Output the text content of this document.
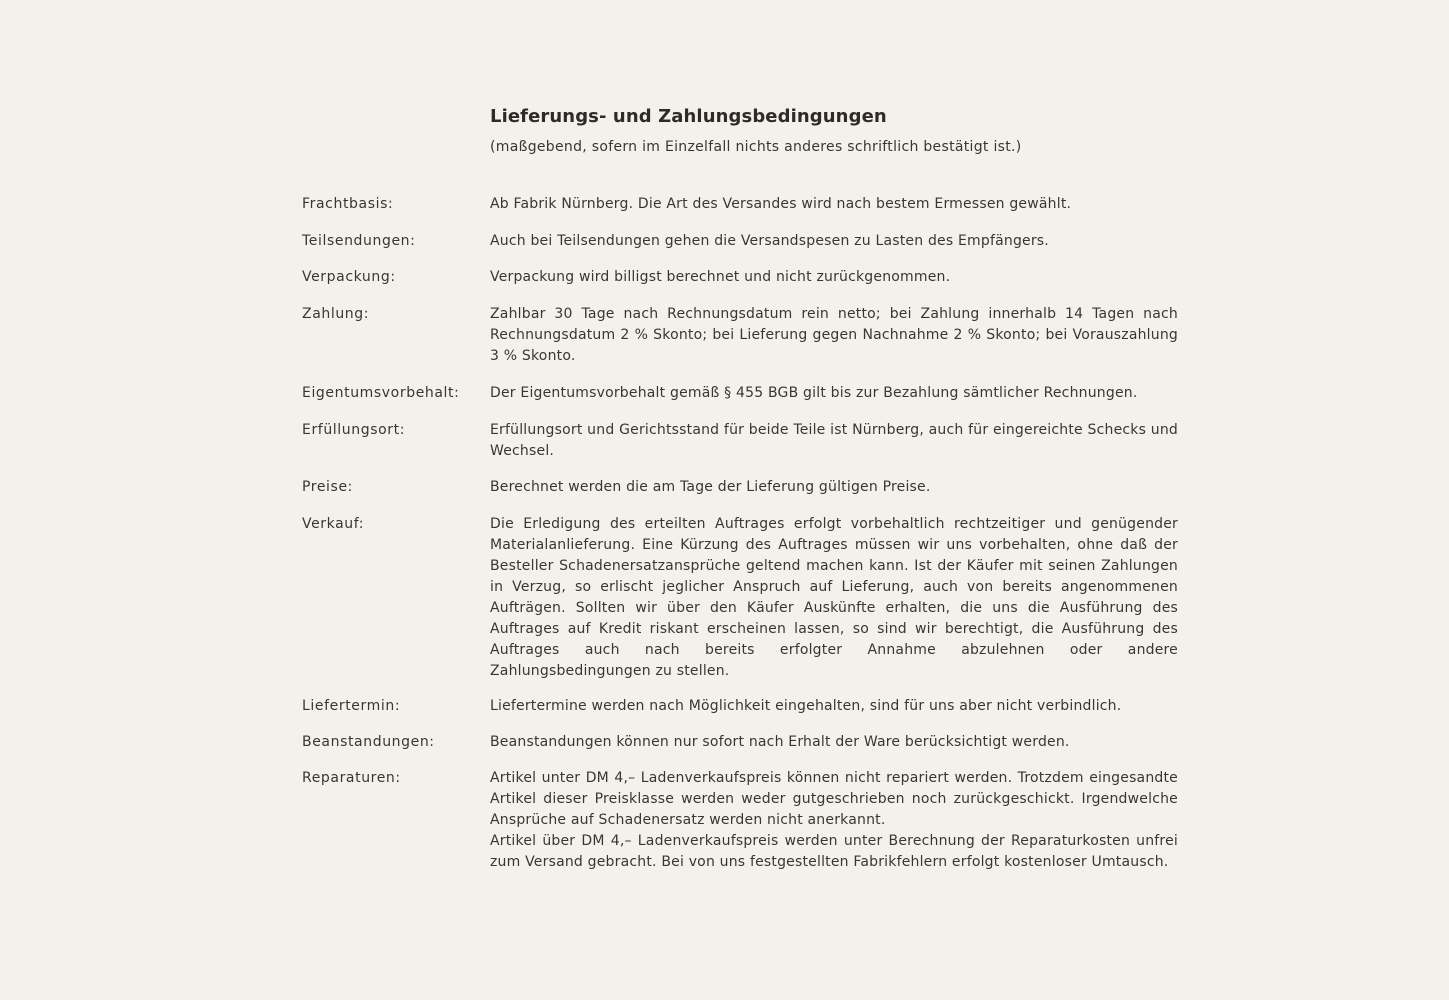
Lieferungs- und Zahlungsbedingungen
(maßgebend, sofern im Einzelfall nichts anderes schriftlich bestätigt ist.)
Frachtbasis:	Ab Fabrik Nürnberg. Die Art des Versandes wird nach bestem Ermessen gewählt.
Teilsendungen:	Auch bei Teilsendungen gehen die Versandspesen zu Lasten des Empfängers.
Verpackung:	Verpackung wird billigst berechnet und nicht zurückgenommen.
Zahlung:	Zahlbar 30 Tage nach Rechnungsdatum rein netto; bei Zahlung innerhalb 14 Tagen nach Rechnungsdatum 2 % Skonto; bei Lieferung gegen Nachnahme 2 % Skonto; bei Vorauszahlung 3 % Skonto.
Eigentumsvorbehalt: Der Eigentumsvorbehalt gemäß § 455 BGB gilt bis zur Bezahlung sämtlicher Rechnungen.
Erfüllungsort:	Erfüllungsort und Gerichtsstand für beide Teile ist Nürnberg, auch für eingereichte Schecks und Wechsel.
Preise:	Berechnet werden die am Tage der Lieferung gültigen Preise.
Verkauf:	Die Erledigung des erteilten Auftrages erfolgt vorbehaltlich rechtzeitiger und genügender Materialanlieferung. Eine Kürzung des Auftrages müssen wir uns vorbehalten, ohne daß der Besteller Schadenersatzansprüche geltend machen kann. Ist der Käufer mit seinen Zahlungen in Verzug, so erlischt jeglicher Anspruch auf Lieferung, auch von bereits angenommenen Aufträgen. Sollten wir über den Käufer Auskünfte erhalten, die uns die Ausführung des Auftrages auf Kredit riskant erscheinen lassen, so sind wir berechtigt, die Ausführung des Auftrages auch nach bereits erfolgter Annahme abzulehnen oder andere Zahlungsbedingungen zu stellen.
Liefertermin:	Liefertermine werden nach Möglichkeit eingehalten, sind für uns aber nicht verbindlich.
Beanstandungen:	Beanstandungen können nur sofort nach Erhalt der Ware berücksichtigt werden.
Reparaturen:	Artikel unter DM 4,– Ladenverkaufspreis können nicht repariert werden. Trotzdem eingesandte Artikel dieser Preisklasse werden weder gutgeschrieben noch zurückgeschickt. Irgendwelche Ansprüche auf Schadenersatz werden nicht anerkannt.
Artikel über DM 4,– Ladenverkaufspreis werden unter Berechnung der Reparaturkosten unfrei zum Versand gebracht. Bei von uns festgestellten Fabrikfehlern erfolgt kostenloser Umtausch.
